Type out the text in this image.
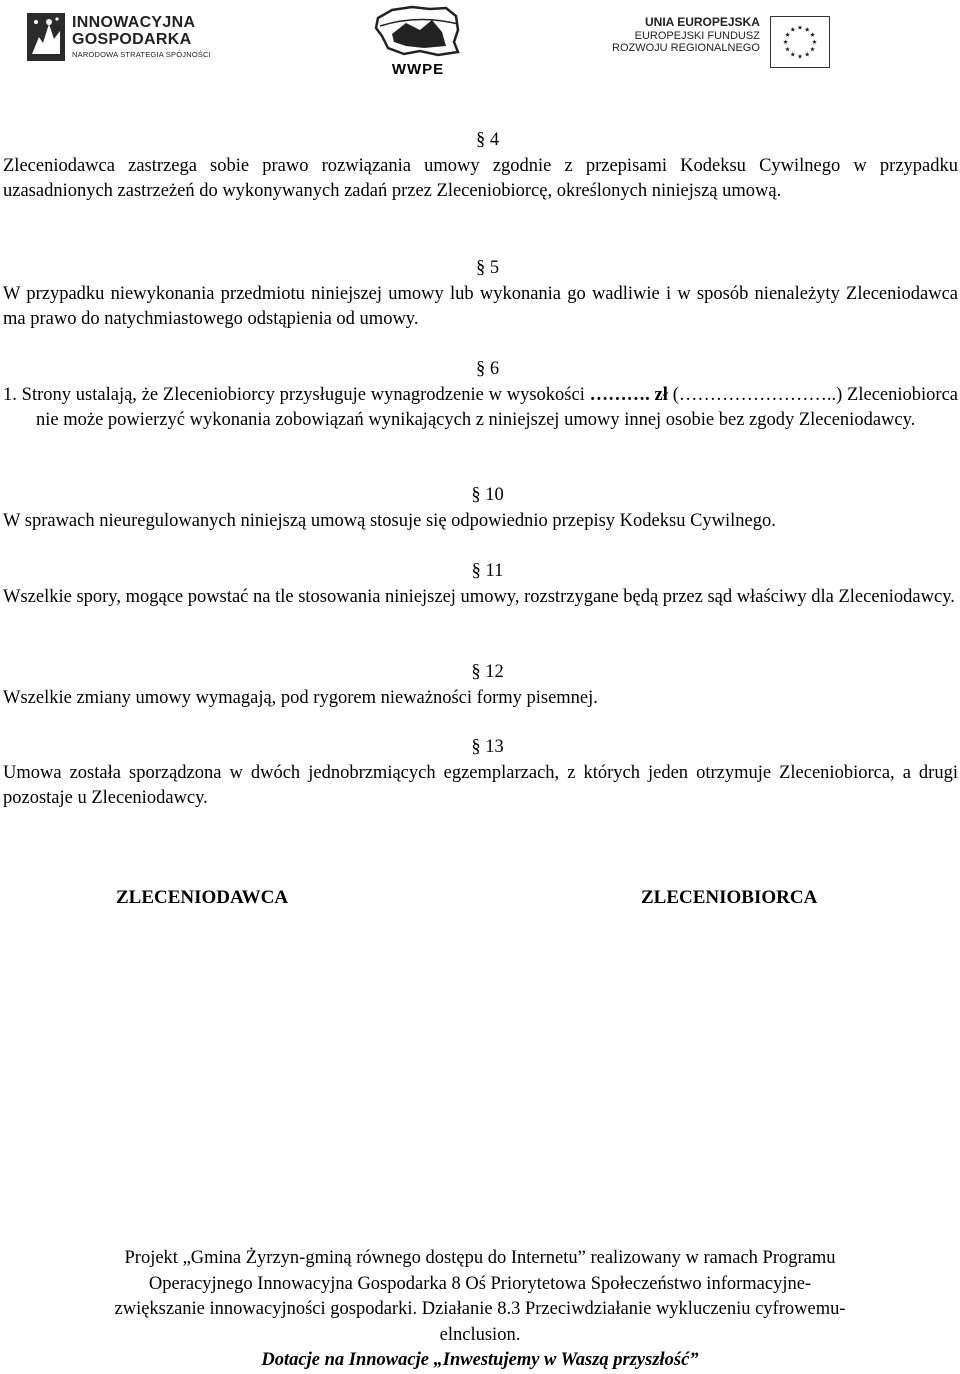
INNOWACYJNA
GOSPODARKA
NARODOWA STRATEGIA SPÓJNOŚCI
WWPE
UNIA EUROPEJSKA
EUROPEJSKI FUNDUSZ
ROZWOJU REGIONALNEGO
§ 4
Zleceniodawca zastrzega sobie prawo rozwiązania umowy zgodnie z przepisami Kodeksu Cywilnego w przypadku uzasadnionych zastrzeżeń do wykonywanych zadań przez Zleceniobiorcę, określonych niniejszą umową.
§ 5
W przypadku niewykonania przedmiotu niniejszej umowy lub wykonania go wadliwie i w sposób nienależyty Zleceniodawca ma prawo do natychmiastowego odstąpienia od umowy.
§ 6
1. Strony ustalają, że Zleceniobiorcy przysługuje wynagrodzenie w wysokości ………. zł (……………………..) Zleceniobiorca nie może powierzyć wykonania zobowiązań wynikających z niniejszej umowy innej osobie bez zgody Zleceniodawcy.
§ 10
W sprawach nieuregulowanych niniejszą umową stosuje się odpowiednio przepisy Kodeksu Cywilnego.
§ 11
Wszelkie spory, mogące powstać na tle stosowania niniejszej umowy, rozstrzygane będą przez sąd właściwy dla Zleceniodawcy.
§ 12
Wszelkie zmiany umowy wymagają, pod rygorem nieważności formy pisemnej.
§ 13
Umowa została sporządzona w dwóch jednobrzmiących egzemplarzach, z których jeden otrzymuje Zleceniobiorca, a drugi pozostaje u Zleceniodawcy.
ZLECENIODAWCA	ZLECENIOBIORCA
Projekt „Gmina Żyrzyn-gminą równego dostępu do Internetu” realizowany w ramach Programu
Operacyjnego Innowacyjna Gospodarka 8 Oś Priorytetowa Społeczeństwo informacyjne-
zwiększanie innowacyjności gospodarki. Działanie 8.3 Przeciwdziałanie wykluczeniu cyfrowemu-
elnclusion.
Dotacje na Innowacje „Inwestujemy w Waszą przyszłość”
